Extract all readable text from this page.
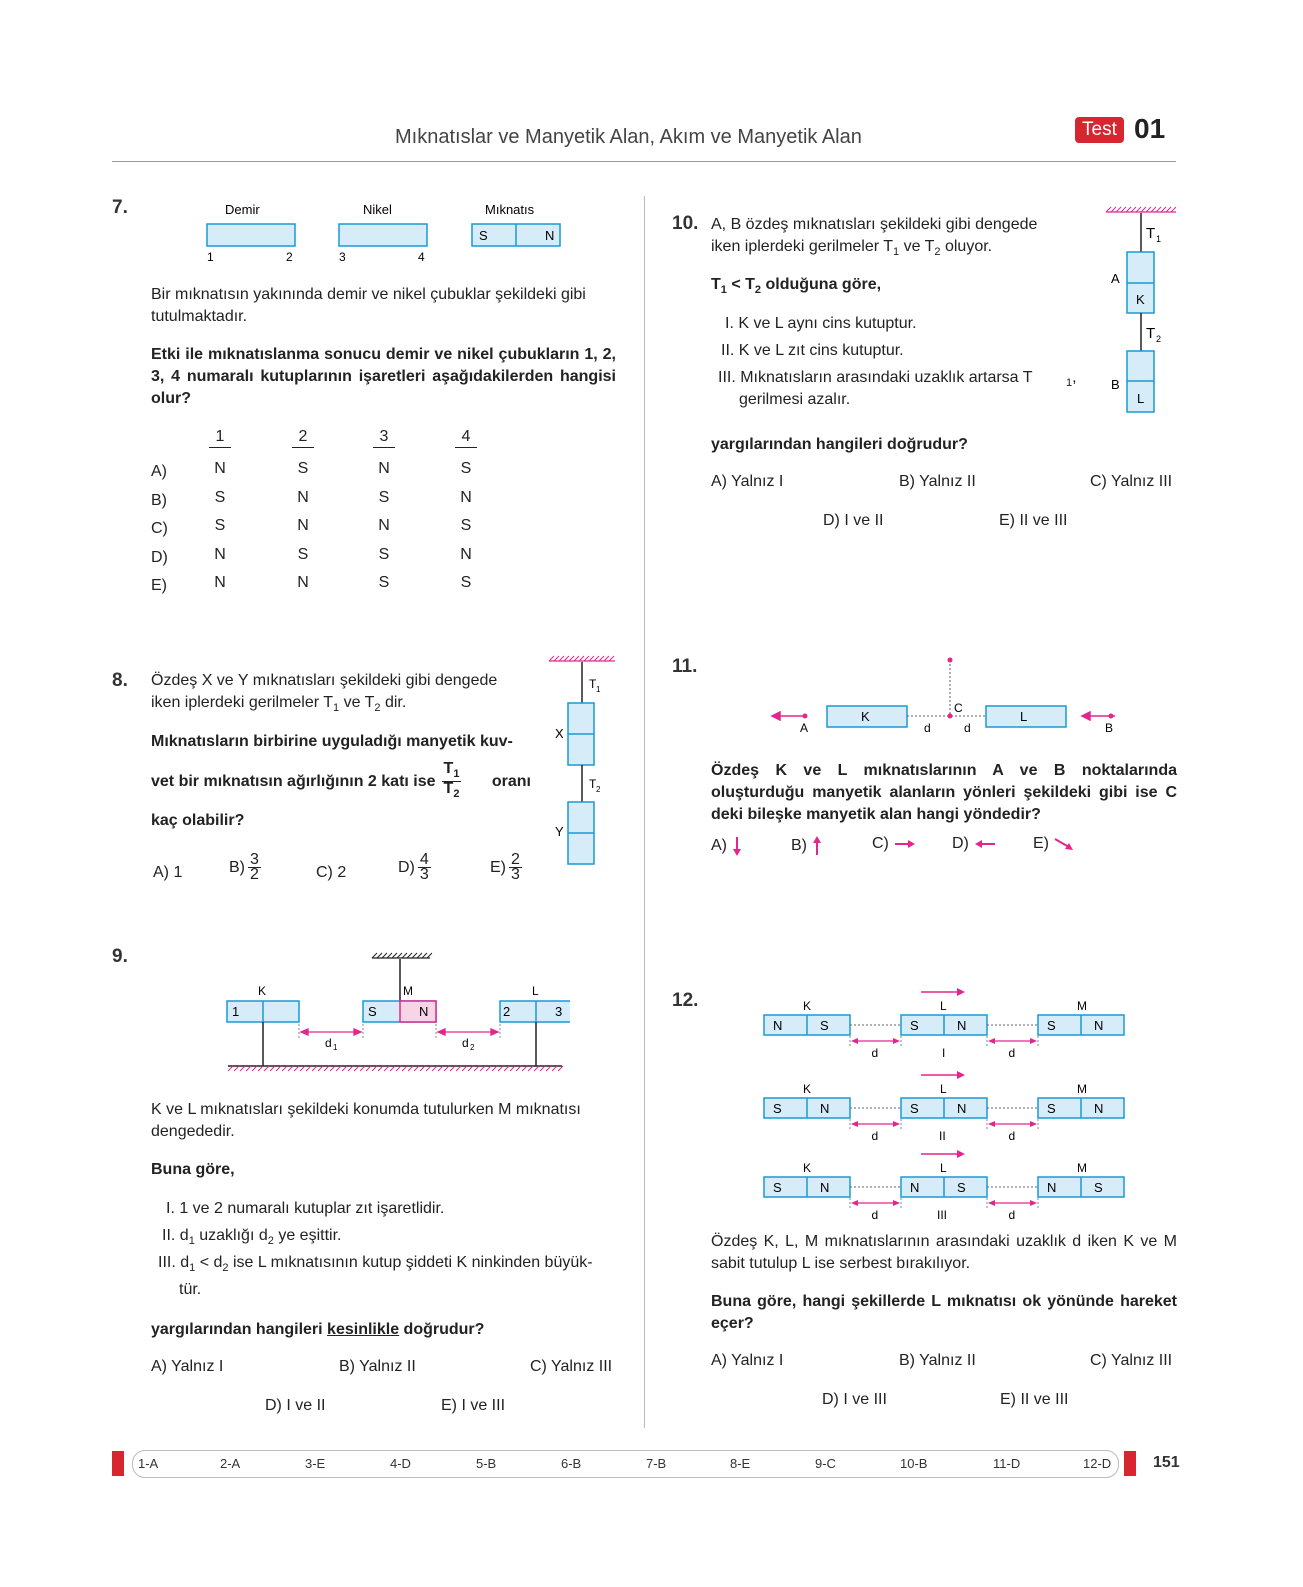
Mıknatıslar ve Manyetik Alan, Akım ve Manyetik Alan	Test 01
7.	Demir	Nikel	Mıknatıs
S	N
1	2	3	4
Bir mıknatısın yakınında demir ve nikel çubuklar şekildeki gibi tutulmaktadır.
Etki ile mıknatıslanma sonucu demir ve nikel çubukların 1, 2, 3, 4 numaralı kutuplarının işaretleri aşağıdakilerden hangisi olur?
1	2	3	4
A)	N	S	N	S
B)	S	N	S	N
C)	S	N	N	S
D)	N	S	S	N
E)	N	N	S	S
8. Özdeş X ve Y mıknatısları şekildeki gibi dengede
iken iplerdeki gerilmeler $T_1$ ve $T_2$ dir.
Mıknatısların birbirine uyguladığı manyetik kuv-
vet bir mıknatısın ağırlığının 2 katı ise $\frac{T_1}{T_2}$ oranı
kaç olabilir?
T 1
X
T 2
Y
A) 1	$B) \frac{3}{2}$	C) 2	$D) \frac{4}{3}$	$E) \frac{2}{3}$
9.
K	M	L
1	S	N	2	3
d 1	d 2
K ve L mıknatısları şekildeki konumda tutulurken M mıknatısı dengededir.
Buna göre,
I. 1 ve 2 numaralı kutuplar zıt işaretlidir.
II. $d_1$ uzaklığı $d_2$ ye eşittir.
III. $d_1 < d_2$ ise L mıknatısının kutup şiddeti K ninkinden büyük-
tür.
yargılarından hangileri kesinlikle doğrudur?
A) Yalnız I	B) Yalnız II	C) Yalnız III
D) I ve II	E) I ve III
10. A, B özdeş mıknatısları şekildeki gibi dengede
iken iplerdeki gerilmeler $T_1$ ve $T_2$ oluyor.
$T_1 < T_2$ olduğuna göre,
I. K ve L aynı cins kutuptur.
II. K ve L zıt cins kutuptur.
III. Mıknatısların arasındaki uzaklık artarsa T
gerilmesi azalır.
$_1$,
yargılarından hangileri doğrudur?
T 1
A
K
T 2
B
L
A) Yalnız I	B) Yalnız II	C) Yalnız III
D) I ve II	E) II ve III
11.
K	L
C
d	d
A	B
Özdeş K ve L mıknatıslarının A ve B noktalarında oluşturduğu manyetik alanların yönleri şekildeki gibi ise C deki bileşke manyetik alan hangi yöndedir?
A)	B)	C)	D)	E)
12.	K
N	S
L
S	N
M
S	N
d	d
I
K
S	N
L
S	N
M
S	N
d	d
II
K
S	N
L
N	S
M
N	S
d	d
III
Özdeş K, L, M mıknatıslarının arasındaki uzaklık d iken K ve M sabit tutulup L ise serbest bırakılıyor.
Buna göre, hangi şekillerde L mıknatısı ok yönünde hareket eçer?
A) Yalnız I	B) Yalnız II	C) Yalnız III
D) I ve III	E) II ve III
1-A	2-A	3-E	4-D	5-B	6-B	7-B	8-E	9-C	10-B	11-D	12-D	151
